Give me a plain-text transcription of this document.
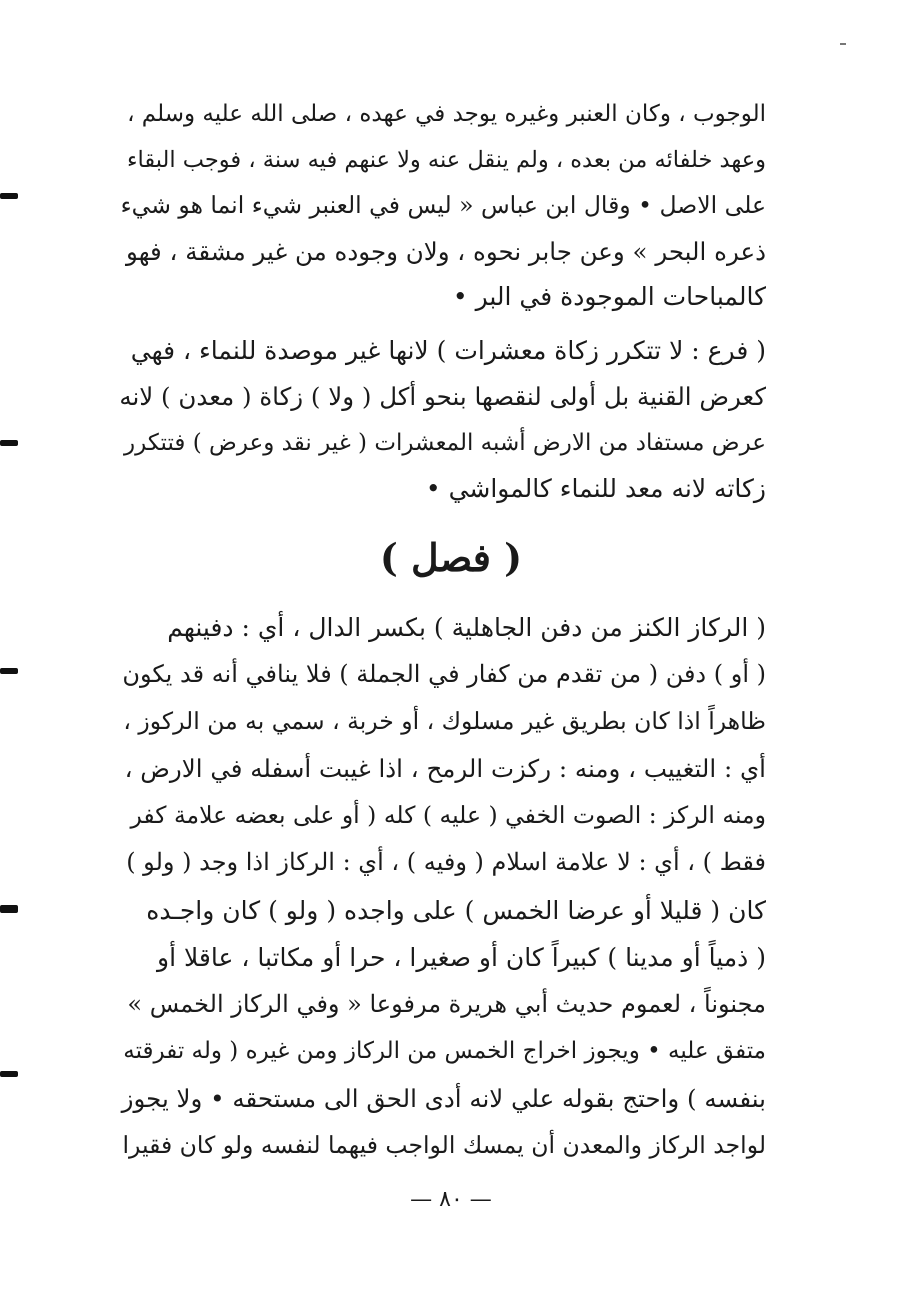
الوجوب ، وكان العنبر وغيره يوجد في عهده ، صلى الله عليه وسلم ،
وعهد خلفائه من بعده ، ولم ينقل عنه ولا عنهم فيه سنة ، فوجب البقاء
على الاصل • وقال ابن عباس « ليس في العنبر شيء انما هو شيء
ذعره البحر » وعن جابر نحوه ، ولان وجوده من غير مشقة ، فهو
كالمباحات الموجودة في البر •
( فرع : لا تتكرر زكاة معشرات ) لانها غير موصدة للنماء ، فهي
كعرض القنية بل أولى لنقصها بنحو أكل ( ولا ) زكاة ( معدن ) لانه
عرض مستفاد من الارض أشبه المعشرات ( غير نقد وعرض ) فتتكرر
زكاته لانه معد للنماء كالمواشي •
( فصل )
( الركاز الكنز من دفن الجاهلية ) بكسر الدال ، أي : دفينهم
( أو ) دفن ( من تقدم من كفار في الجملة ) فلا ينافي أنه قد يكون
ظاهراً اذا كان بطريق غير مسلوك ، أو خربة ، سمي به من الركوز ،
أي : التغييب ، ومنه : ركزت الرمح ، اذا غيبت أسفله في الارض ،
ومنه الركز : الصوت الخفي ( عليه ) كله ( أو على بعضه علامة كفر
فقط ) ، أي : لا علامة اسلام ( وفيه ) ، أي : الركاز اذا وجد ( ولو )
كان ( قليلا أو عرضا الخمس ) على واجده ( ولو ) كان واجـده
( ذمياً أو مدينا ) كبيراً كان أو صغيرا ، حرا أو مكاتبا ، عاقلا أو
مجنوناً ، لعموم حديث أبي هريرة مرفوعا « وفي الركاز الخمس »
متفق عليه • ويجوز اخراج الخمس من الركاز ومن غيره ( وله تفرقته
بنفسه ) واحتج بقوله علي لانه أدى الحق الى مستحقه • ولا يجوز
لواجد الركاز والمعدن أن يمسك الواجب فيهما لنفسه ولو كان فقيرا
— ٨٠ —
